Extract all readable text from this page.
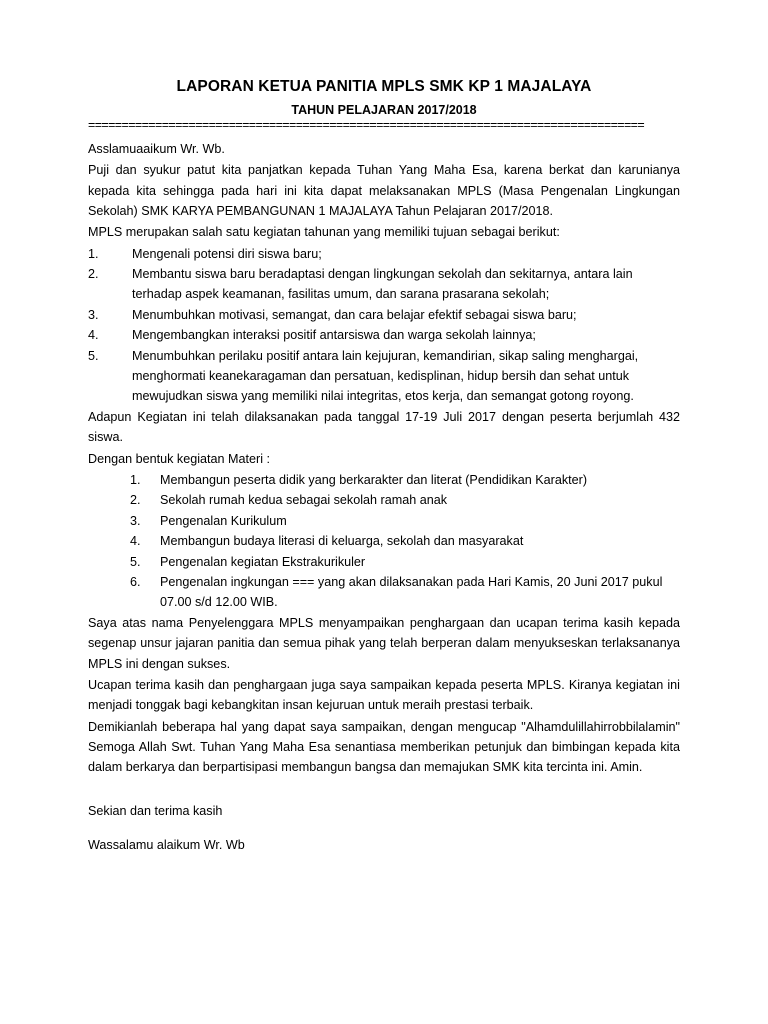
LAPORAN KETUA PANITIA MPLS SMK KP 1 MAJALAYA
TAHUN PELAJARAN 2017/2018
===================================================================================
Asslamuaaikum Wr. Wb.
Puji dan syukur patut kita panjatkan kepada Tuhan Yang Maha Esa, karena berkat dan karunianya kepada kita sehingga pada hari ini kita dapat melaksanakan MPLS (Masa Pengenalan Lingkungan Sekolah) SMK KARYA PEMBANGUNAN 1 MAJALAYA Tahun Pelajaran 2017/2018.
MPLS merupakan salah satu kegiatan tahunan yang memiliki tujuan sebagai berikut:
1.	Mengenali potensi diri siswa baru;
2.	Membantu siswa baru beradaptasi dengan lingkungan sekolah dan sekitarnya, antara lain terhadap aspek keamanan, fasilitas umum, dan sarana prasarana sekolah;
3.	Menumbuhkan motivasi, semangat, dan cara belajar efektif sebagai siswa baru;
4.	Mengembangkan interaksi positif antarsiswa dan warga sekolah lainnya;
5.	Menumbuhkan perilaku positif antara lain kejujuran, kemandirian, sikap saling menghargai, menghormati keanekaragaman dan persatuan, kedisplinan, hidup bersih dan sehat untuk mewujudkan siswa yang memiliki nilai integritas, etos kerja, dan semangat gotong royong.
Adapun Kegiatan ini telah dilaksanakan pada tanggal 17-19 Juli 2017 dengan peserta berjumlah 432 siswa.
Dengan bentuk kegiatan Materi :
1.	Membangun peserta didik yang berkarakter dan literat (Pendidikan Karakter)
2.	Sekolah rumah kedua sebagai sekolah ramah anak
3.	Pengenalan Kurikulum
4.	Membangun budaya literasi di keluarga, sekolah dan masyarakat
5.	Pengenalan kegiatan Ekstrakurikuler
6.	Pengenalan ingkungan === yang akan dilaksanakan pada Hari Kamis, 20 Juni 2017 pukul 07.00 s/d 12.00 WIB.
Saya atas nama Penyelenggara MPLS menyampaikan penghargaan dan ucapan terima kasih kepada segenap unsur jajaran panitia dan semua pihak yang telah berperan dalam menyukseskan terlaksananya MPLS ini dengan sukses.
Ucapan terima kasih dan penghargaan juga saya sampaikan kepada peserta MPLS. Kiranya kegiatan ini menjadi tonggak bagi kebangkitan insan kejuruan untuk meraih prestasi terbaik.
Demikianlah beberapa hal yang dapat saya sampaikan, dengan mengucap "Alhamdulillahirrobbilalamin" Semoga Allah Swt. Tuhan Yang Maha Esa senantiasa memberikan petunjuk dan bimbingan kepada kita dalam berkarya dan berpartisipasi membangun bangsa dan memajukan SMK kita tercinta ini. Amin.
Sekian dan terima kasih
Wassalamu alaikum Wr. Wb
